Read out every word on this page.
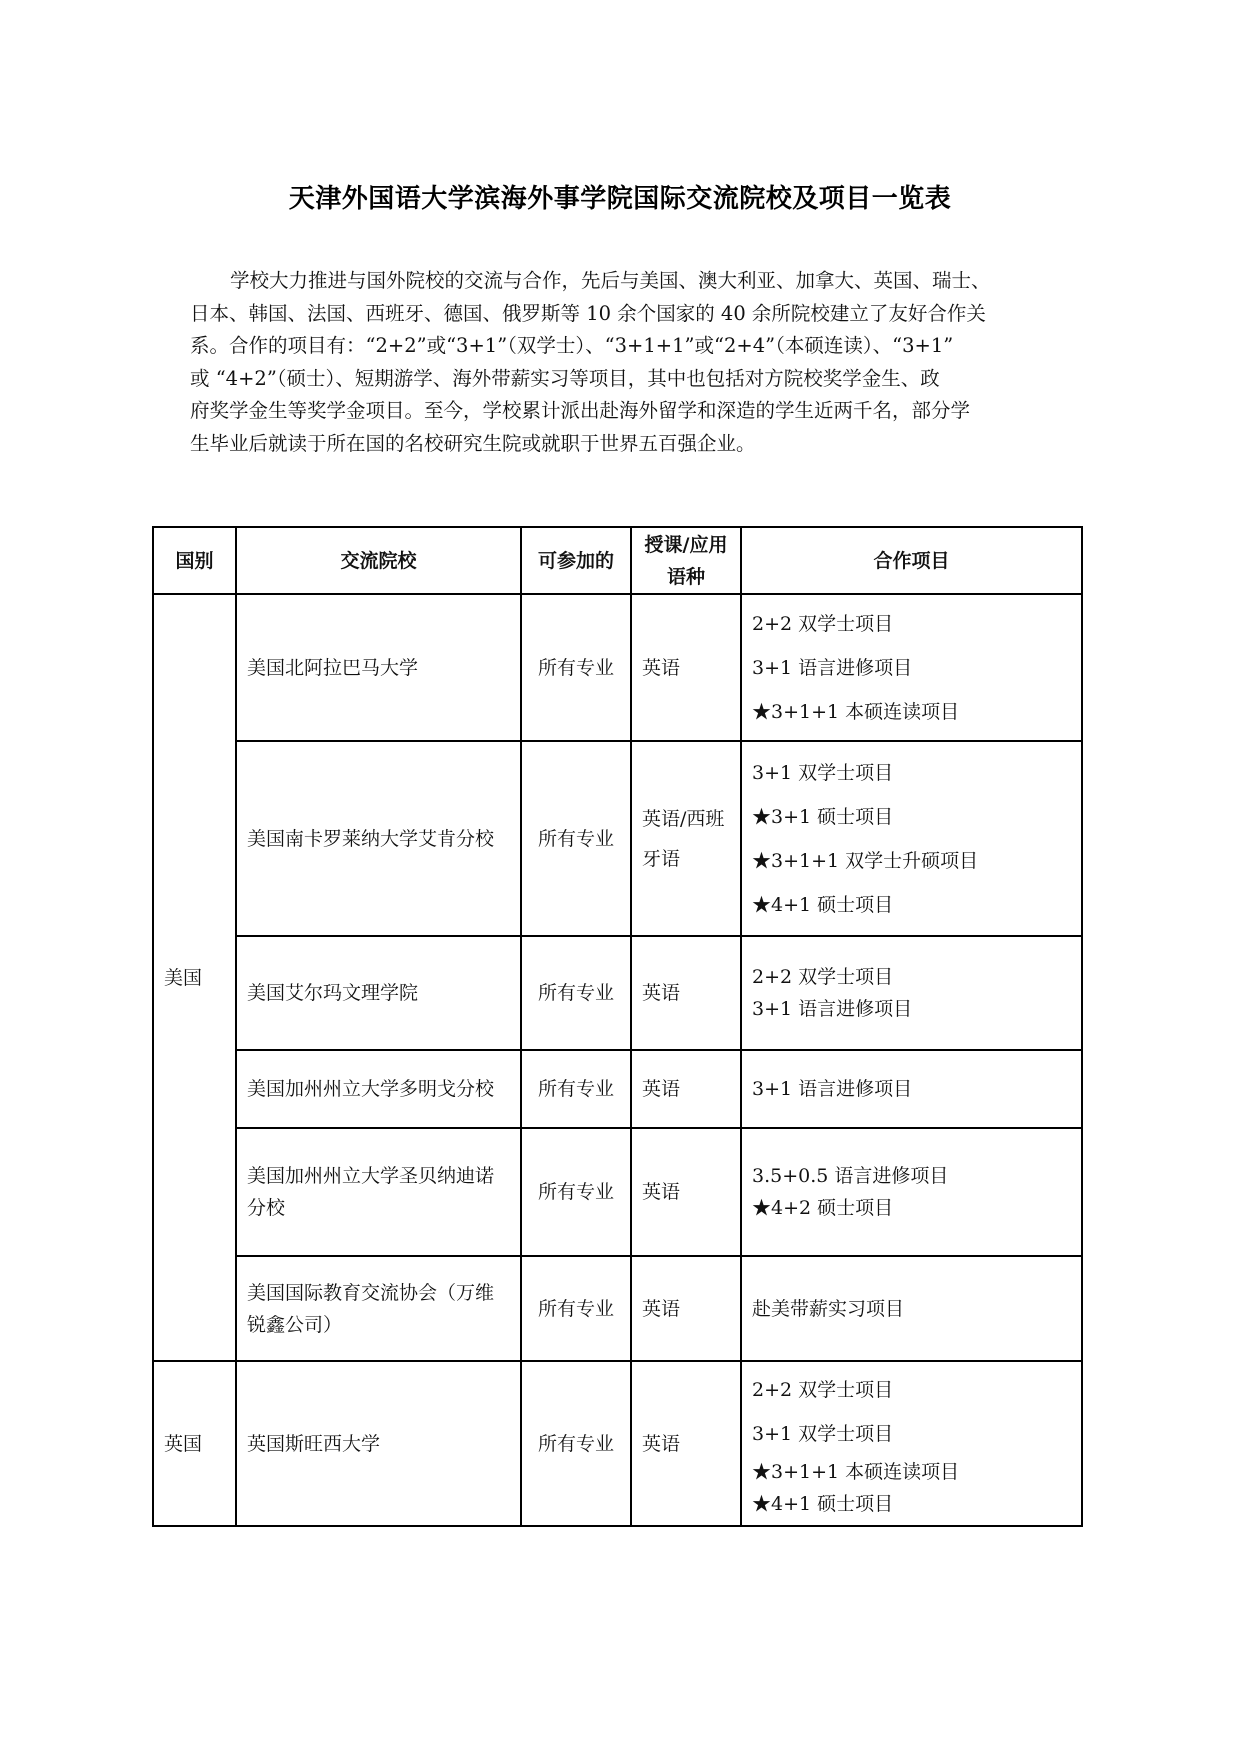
天津外国语大学滨海外事学院国际交流院校及项目一览表
学校大力推进与国外院校的交流与合作，先后与美国、澳大利亚、加拿大、英国、瑞士、
日本、韩国、法国、西班牙、德国、俄罗斯等 10 余个国家的 40 余所院校建立了友好合作关
系。合作的项目有：“2+2”或“3+1”（双学士）、“3+1+1”或“2+4”（本硕连读）、“3+1”
或 “4+2”（硕士）、短期游学、海外带薪实习等项目，其中也包括对方院校奖学金生、政
府奖学金生等奖学金项目。至今，学校累计派出赴海外留学和深造的学生近两千名，部分学
生毕业后就读于所在国的名校研究生院或就职于世界五百强企业。
国别	交流院校	可参加的	授课/应用语种	合作项目
美国	美国北阿拉巴马大学	所有专业	英语	2+2 双学士项目
3+1 语言进修项目
★3+1+1 本硕连读项目

	美国南卡罗莱纳大学艾肯分校	所有专业	英语/西班牙语	3+1 双学士项目
★3+1 硕士项目
★3+1+1 双学士升硕项目
★4+1 硕士项目

	美国艾尔玛文理学院	所有专业	英语	2+2 双学士项目
3+1 语言进修项目

	美国加州州立大学多明戈分校	所有专业	英语	3+1 语言进修项目

	美国加州州立大学圣贝纳迪诺分校	所有专业	英语	3.5+0.5 语言进修项目
★4+2 硕士项目

	美国国际教育交流协会（万维锐鑫公司）	所有专业	英语	赴美带薪实习项目

英国	英国斯旺西大学	所有专业	英语	2+2 双学士项目
3+1 双学士项目
★3+1+1 本硕连读项目
★4+1 硕士项目
